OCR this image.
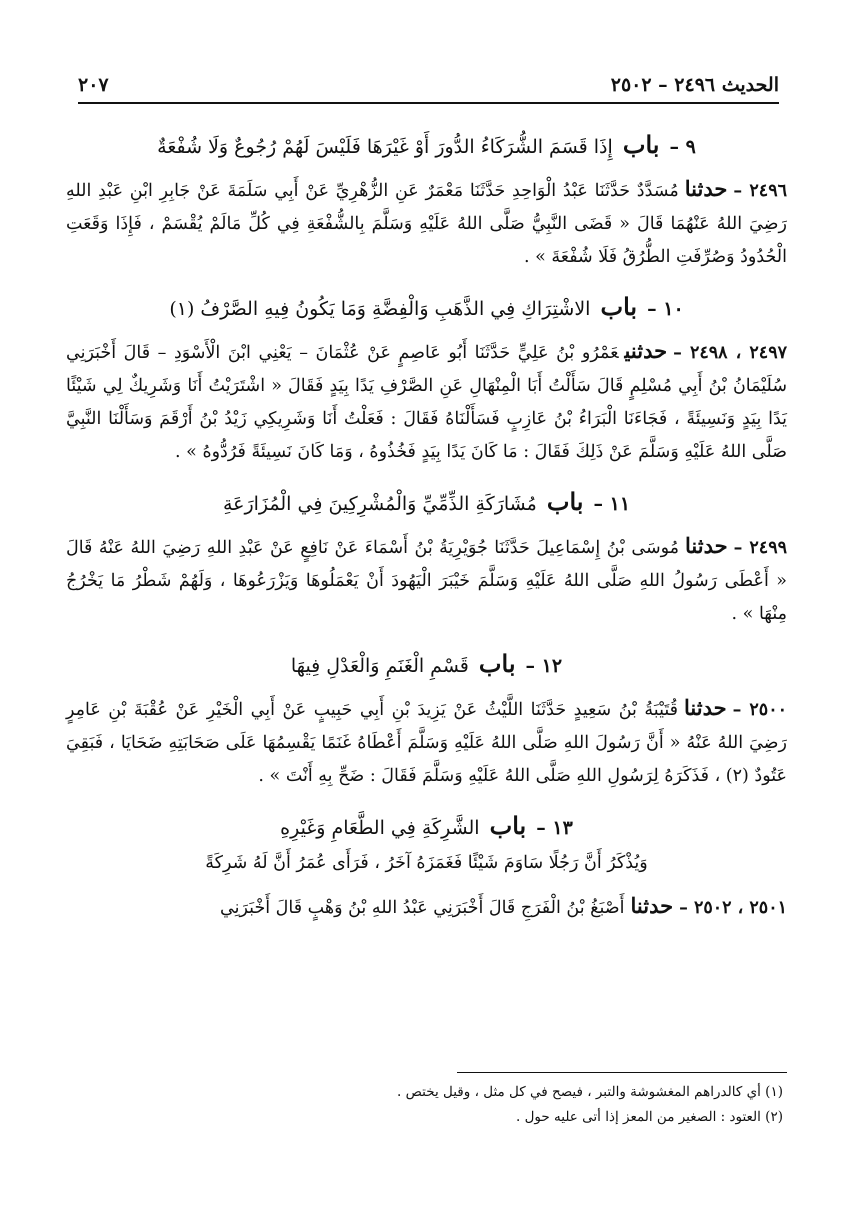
٢٠٧	الحديث ٢٤٩٦ – ٢٥٠٢
٩ – باب إِذَا قَسَمَ الشُّرَكَاءُ الدُّورَ أَوْ غَيْرَهَا فَلَيْسَ لَهُمْ رُجُوعٌ وَلَا شُفْعَةٌ
٢٤٩٦ –حدثنامُسَدَّدٌ حَدَّثَنَا عَبْدُ الْوَاحِدِ حَدَّثَنَا مَعْمَرٌ عَنِ الزُّهْرِيِّ عَنْ أَبِي سَلَمَةَ عَنْ جَابِرِ ابْنِ عَبْدِ اللهِ رَضِيَ اللهُ عَنْهُمَا قَالَ « قَضَى النَّبِيُّ صَلَّى اللهُ عَلَيْهِ وَسَلَّمَ بِالشُّفْعَةِ فِي كُلِّ مَالَمْ يُقْسَمْ ، فَإِذَا وَقَعَتِ الْحُدُودُ وَصُرِّفَتِ الطُّرُقُ فَلَا شُفْعَةَ » .
١٠ – باب الاشْتِرَاكِ فِي الذَّهَبِ وَالْفِضَّةِ وَمَا يَكُونُ فِيهِ الصَّرْفُ (١)
٢٤٩٧ ، ٢٤٩٨ –حدثنيعَمْرُو بْنُ عَلِيٍّ حَدَّثَنَا أَبُو عَاصِمٍ عَنْ عُثْمَانَ – يَعْنِي ابْنَ الْأَسْوَدِ – قَالَ أَخْبَرَنِي سُلَيْمَانُ بْنُ أَبِي مُسْلِمٍ قَالَ سَأَلْتُ أَبَا الْمِنْهَالِ عَنِ الصَّرْفِ يَدًا بِيَدٍ فَقَالَ « اشْتَرَيْتُ أَنَا وَشَرِيكٌ لِي شَيْئًا يَدًا بِيَدٍ وَنَسِيئَةً ، فَجَاءَنَا الْبَرَاءُ بْنُ عَازِبٍ فَسَأَلْنَاهُ فَقَالَ : فَعَلْتُ أَنَا وَشَرِيكِي زَيْدُ بْنُ أَرْقَمَ وَسَأَلْنَا النَّبِيَّ صَلَّى اللهُ عَلَيْهِ وَسَلَّمَ عَنْ ذَلِكَ فَقَالَ : مَا كَانَ يَدًا بِيَدٍ فَخُذُوهُ ، وَمَا كَانَ نَسِيئَةً فَرُدُّوهُ » .
١١ – باب مُشَارَكَةِ الذِّمِّيِّ وَالْمُشْرِكِينَ فِي الْمُزَارَعَةِ
٢٤٩٩ –حدثنامُوسَى بْنُ إِسْمَاعِيلَ حَدَّثَنَا جُوَيْرِيَةُ بْنُ أَسْمَاءَ عَنْ نَافِعٍ عَنْ عَبْدِ اللهِ رَضِيَ اللهُ عَنْهُ قَالَ « أَعْطَى رَسُولُ اللهِ صَلَّى اللهُ عَلَيْهِ وَسَلَّمَ خَيْبَرَ الْيَهُودَ أَنْ يَعْمَلُوهَا وَيَزْرَعُوهَا ، وَلَهُمْ شَطْرُ مَا يَخْرُجُ مِنْهَا » .
١٢ – باب قَسْمِ الْغَنَمِ وَالْعَدْلِ فِيهَا
٢٥٠٠ –حدثناقُتَيْبَةُ بْنُ سَعِيدٍ حَدَّثَنَا اللَّيْثُ عَنْ يَزِيدَ بْنِ أَبِي حَبِيبٍ عَنْ أَبِي الْخَيْرِ عَنْ عُقْبَةَ بْنِ عَامِرٍ رَضِيَ اللهُ عَنْهُ « أَنَّ رَسُولَ اللهِ صَلَّى اللهُ عَلَيْهِ وَسَلَّمَ أَعْطَاهُ غَنَمًا يَقْسِمُهَا عَلَى صَحَابَتِهِ ضَحَايَا ، فَبَقِيَ عَتُودٌ (٢) ، فَذَكَرَهُ لِرَسُولِ اللهِ صَلَّى اللهُ عَلَيْهِ وَسَلَّمَ فَقَالَ : ضَحِّ بِهِ أَنْتَ » .
١٣ – باب الشَّرِكَةِ فِي الطَّعَامِ وَغَيْرِهِ
وَيُذْكَرُ أَنَّ رَجُلًا سَاوَمَ شَيْئًا فَغَمَزَهُ آخَرُ ، فَرَأَى عُمَرُ أَنَّ لَهُ شَرِكَةً
٢٥٠١ ، ٢٥٠٢ –حدثناأَصْبَغُ بْنُ الْفَرَجِ قَالَ أَخْبَرَنِي عَبْدُ اللهِ بْنُ وَهْبٍ قَالَ أَخْبَرَنِي
(١) أي كالدراهم المغشوشة والتبر ، فيصح في كل مثل ، وقيل يختص .
(٢) العتود : الصغير من المعز إذا أتى عليه حول .
